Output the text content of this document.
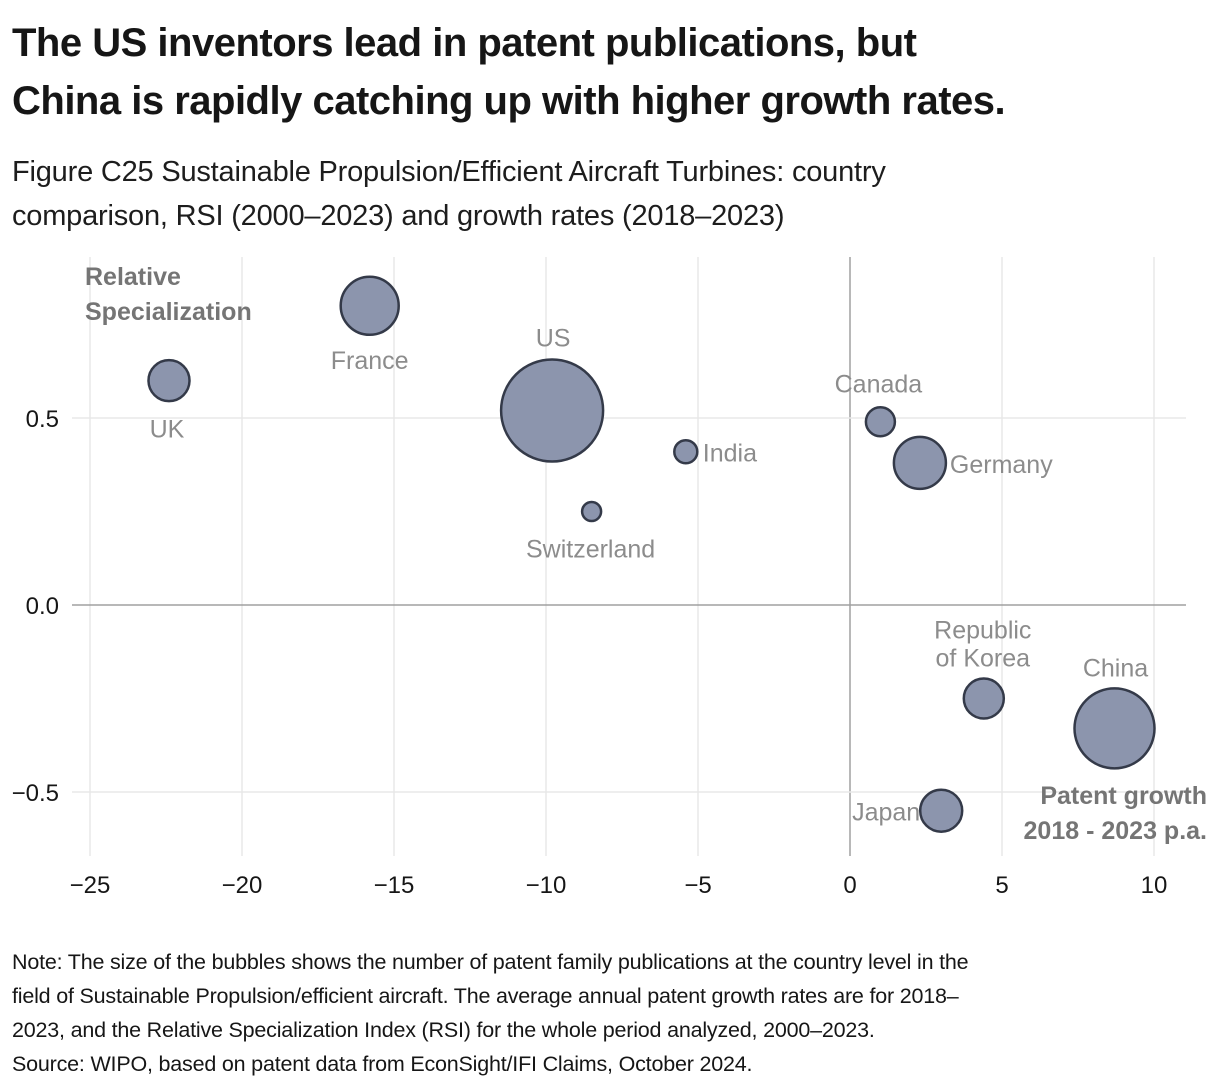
The US inventors lead in patent publications, but
China is rapidly catching up with higher growth rates.
Figure C25 Sustainable Propulsion/Efficient Aircraft Turbines: country
comparison, RSI (2000–2023) and growth rates (2018–2023)
UK
France
US
Switzerland
India
Canada
Germany
Republic of Korea China
Japan
−25	−20	−15	−10	−5	0	5	10
0.5
0.0
−0.5
Relative
Specialization
Patent growth
2018 - 2023 p.a.
Note: The size of the bubbles shows the number of patent family publications at the country level in the
field of Sustainable Propulsion/efficient aircraft. The average annual patent growth rates are for 2018–
2023, and the Relative Specialization Index (RSI) for the whole period analyzed, 2000–2023.
Source: WIPO, based on patent data from EconSight/IFI Claims, October 2024.
